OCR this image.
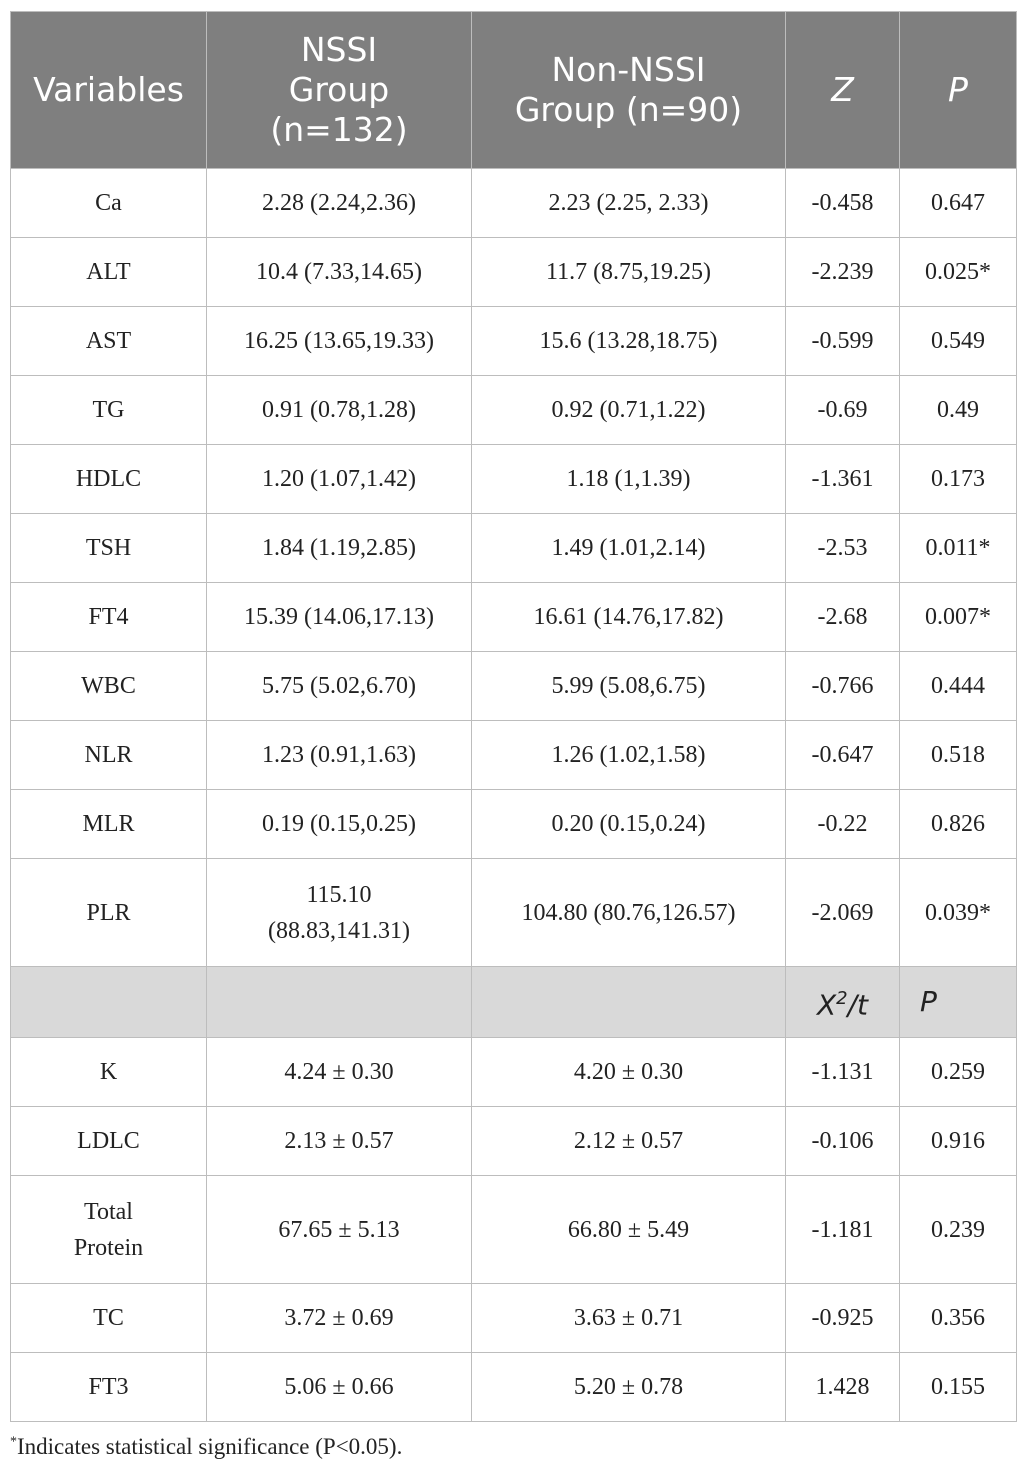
Variables	NSSI
Group
(n=132)	Non-NSSI
Group (n=90)	Z	P
Ca	2.28 (2.24,2.36)	2.23 (2.25, 2.33)	-0.458	0.647
ALT	10.4 (7.33,14.65)	11.7 (8.75,19.25)	-2.239	0.025*
AST	16.25 (13.65,19.33)	15.6 (13.28,18.75)	-0.599	0.549
TG	0.91 (0.78,1.28)	0.92 (0.71,1.22)	-0.69	0.49
HDLC	1.20 (1.07,1.42)	1.18 (1,1.39)	-1.361	0.173
TSH	1.84 (1.19,2.85)	1.49 (1.01,2.14)	-2.53	0.011*
FT4	15.39 (14.06,17.13)	16.61 (14.76,17.82)	-2.68	0.007*
WBC	5.75 (5.02,6.70)	5.99 (5.08,6.75)	-0.766	0.444
NLR	1.23 (0.91,1.63)	1.26 (1.02,1.58)	-0.647	0.518
MLR	0.19 (0.15,0.25)	0.20 (0.15,0.24)	-0.22	0.826
PLR	115.10
(88.83,141.31)	104.80 (80.76,126.57)	-2.069	0.039*
			$X^2/t$	P
K	4.24 ± 0.30	4.20 ± 0.30	-1.131	0.259
LDLC	2.13 ± 0.57	2.12 ± 0.57	-0.106	0.916
Total
Protein	67.65 ± 5.13	66.80 ± 5.49	-1.181	0.239
TC	3.72 ± 0.69	3.63 ± 0.71	-0.925	0.356
FT3	5.06 ± 0.66	5.20 ± 0.78	1.428	0.155
*Indicates statistical significance (P<0.05).
